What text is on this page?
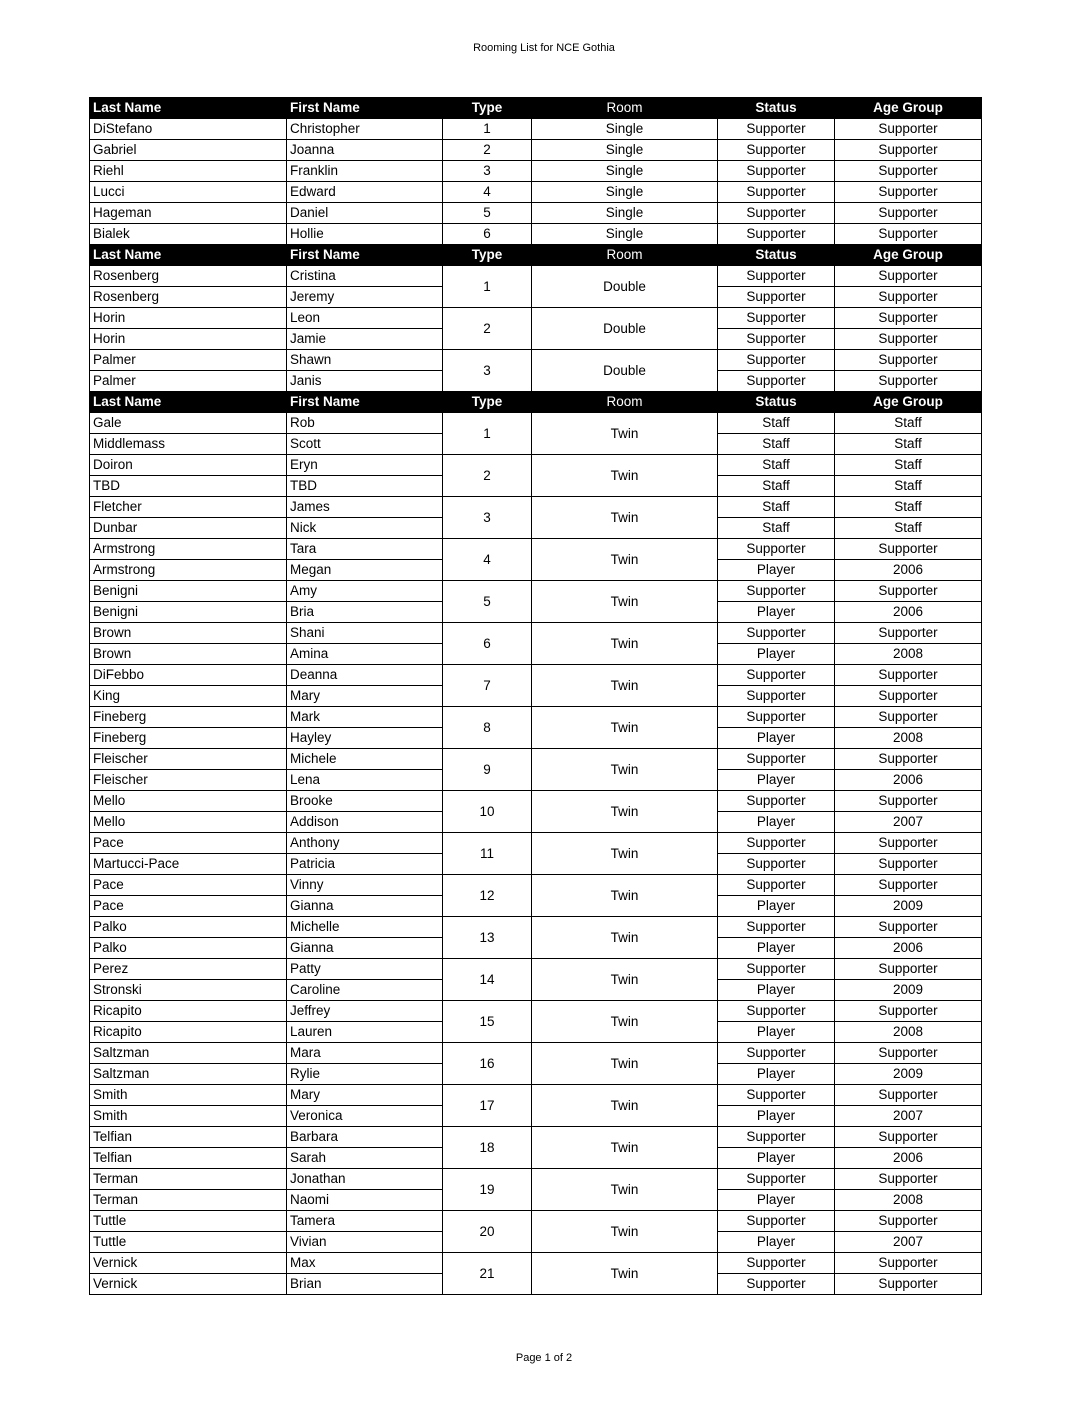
Rooming List for NCE Gothia
Last Name	First Name	Type	Room	Status	Age Group
DiStefano	Christopher	1	Single	Supporter	Supporter
Gabriel	Joanna	2	Single	Supporter	Supporter
Riehl	Franklin	3	Single	Supporter	Supporter
Lucci	Edward	4	Single	Supporter	Supporter
Hageman	Daniel	5	Single	Supporter	Supporter
Bialek	Hollie	6	Single	Supporter	Supporter
Last Name	First Name	Type	Room	Status	Age Group
Rosenberg	Cristina	1	Double	Supporter	Supporter
Rosenberg	Jeremy			Supporter	Supporter
Horin	Leon	2	Double	Supporter	Supporter
Horin	Jamie			Supporter	Supporter
Palmer	Shawn	3	Double	Supporter	Supporter
Palmer	Janis			Supporter	Supporter
Last Name	First Name	Type	Room	Status	Age Group
Gale	Rob	1	Twin	Staff	Staff
Middlemass	Scott			Staff	Staff
Doiron	Eryn	2	Twin	Staff	Staff
TBD	TBD			Staff	Staff
Fletcher	James	3	Twin	Staff	Staff
Dunbar	Nick			Staff	Staff
Armstrong	Tara	4	Twin	Supporter	Supporter
Armstrong	Megan			Player	2006
Benigni	Amy	5	Twin	Supporter	Supporter
Benigni	Bria			Player	2006
Brown	Shani	6	Twin	Supporter	Supporter
Brown	Amina			Player	2008
DiFebbo	Deanna	7	Twin	Supporter	Supporter
King	Mary			Supporter	Supporter
Fineberg	Mark	8	Twin	Supporter	Supporter
Fineberg	Hayley			Player	2008
Fleischer	Michele	9	Twin	Supporter	Supporter
Fleischer	Lena			Player	2006
Mello	Brooke	10	Twin	Supporter	Supporter
Mello	Addison			Player	2007
Pace	Anthony	11	Twin	Supporter	Supporter
Martucci-Pace	Patricia			Supporter	Supporter
Pace	Vinny	12	Twin	Supporter	Supporter
Pace	Gianna			Player	2009
Palko	Michelle	13	Twin	Supporter	Supporter
Palko	Gianna			Player	2006
Perez	Patty	14	Twin	Supporter	Supporter
Stronski	Caroline			Player	2009
Ricapito	Jeffrey	15	Twin	Supporter	Supporter
Ricapito	Lauren			Player	2008
Saltzman	Mara	16	Twin	Supporter	Supporter
Saltzman	Rylie			Player	2009
Smith	Mary	17	Twin	Supporter	Supporter
Smith	Veronica			Player	2007
Telfian	Barbara	18	Twin	Supporter	Supporter
Telfian	Sarah			Player	2006
Terman	Jonathan	19	Twin	Supporter	Supporter
Terman	Naomi			Player	2008
Tuttle	Tamera	20	Twin	Supporter	Supporter
Tuttle	Vivian			Player	2007
Vernick	Max	21	Twin	Supporter	Supporter
Vernick	Brian			Supporter	Supporter
Page 1 of 2
